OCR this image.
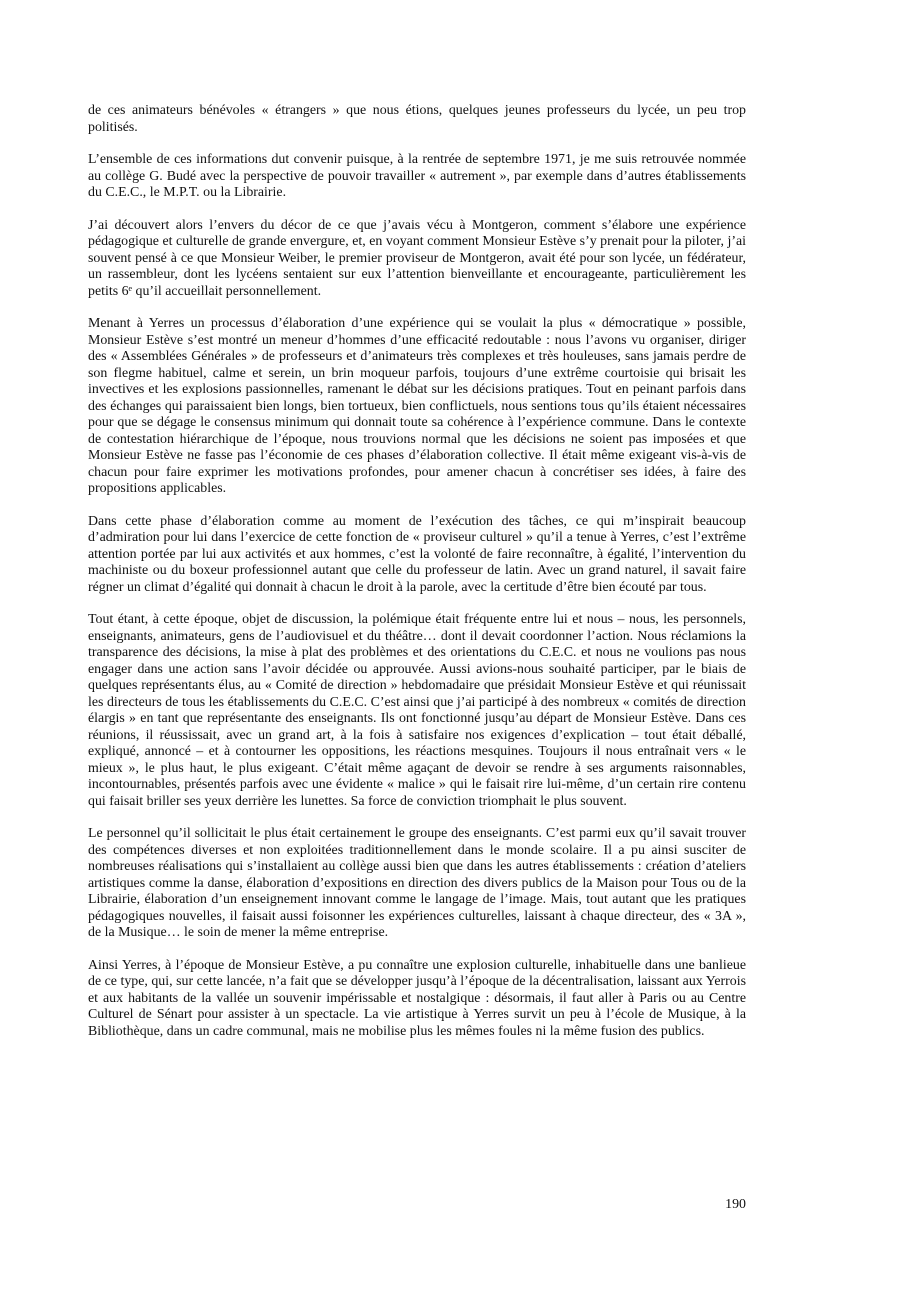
de ces animateurs bénévoles « étrangers » que nous étions, quelques jeunes professeurs du lycée, un peu trop politisés.

L’ensemble de ces informations dut convenir puisque, à la rentrée de septembre 1971, je me suis retrouvée nommée au collège G. Budé avec la perspective de pouvoir travailler « autrement », par exemple dans d’autres établissements du C.E.C., le M.P.T. ou la Librairie.

J’ai découvert alors l’envers du décor de ce que j’avais vécu à Montgeron, comment s’élabore une expérience pédagogique et culturelle de grande envergure, et, en voyant comment Monsieur Estève s’y prenait pour la piloter, j’ai souvent pensé à ce que Monsieur Weiber, le premier proviseur de Montgeron, avait été pour son lycée, un fédérateur, un rassembleur, dont les lycéens sentaient sur eux l’attention bienveillante et encourageante, particulièrement les petits 6ᵉ qu’il accueillait personnellement.

Menant à Yerres un processus d’élaboration d’une expérience qui se voulait la plus « démocratique » possible, Monsieur Estève s’est montré un meneur d’hommes d’une efficacité redoutable : nous l’avons vu organiser, diriger des « Assemblées Générales » de professeurs et d’animateurs très complexes et très houleuses, sans jamais perdre de son flegme habituel, calme et serein, un brin moqueur parfois, toujours d’une extrême courtoisie qui brisait les invectives et les explosions passionnelles, ramenant le débat sur les décisions pratiques. Tout en peinant parfois dans des échanges qui paraissaient bien longs, bien tortueux, bien conflictuels, nous sentions tous qu’ils étaient nécessaires pour que se dégage le consensus minimum qui donnait toute sa cohérence à l’expérience commune. Dans le contexte de contestation hiérarchique de l’époque, nous trouvions normal que les décisions ne soient pas imposées et que Monsieur Estève ne fasse pas l’économie de ces phases d’élaboration collective. Il était même exigeant vis-à-vis de chacun pour faire exprimer les motivations profondes, pour amener chacun à concrétiser ses idées, à faire des propositions applicables.

Dans cette phase d’élaboration comme au moment de l’exécution des tâches, ce qui m’inspirait beaucoup d’admiration pour lui dans l’exercice de cette fonction de « proviseur culturel » qu’il a tenue à Yerres, c’est l’extrême attention portée par lui aux activités et aux hommes, c’est la volonté de faire reconnaître, à égalité, l’intervention du machiniste ou du boxeur professionnel autant que celle du professeur de latin. Avec un grand naturel, il savait faire régner un climat d’égalité qui donnait à chacun le droit à la parole, avec la certitude d’être bien écouté par tous.

Tout étant, à cette époque, objet de discussion, la polémique était fréquente entre lui et nous – nous, les personnels, enseignants, animateurs, gens de l’audiovisuel et du théâtre… dont il devait coordonner l’action. Nous réclamions la transparence des décisions, la mise à plat des problèmes et des orientations du C.E.C. et nous ne voulions pas nous engager dans une action sans l’avoir décidée ou approuvée. Aussi avions-nous souhaité participer, par le biais de quelques représentants élus, au « Comité de direction » hebdomadaire que présidait Monsieur Estève et qui réunissait les directeurs de tous les établissements du C.E.C. C’est ainsi que j’ai participé à des nombreux « comités de direction élargis » en tant que représentante des enseignants. Ils ont fonctionné jusqu’au départ de Monsieur Estève. Dans ces réunions, il réussissait, avec un grand art, à la fois à satisfaire nos exigences d’explication – tout était déballé, expliqué, annoncé – et à contourner les oppositions, les réactions mesquines. Toujours il nous entraînait vers « le mieux », le plus haut, le plus exigeant. C’était même agaçant de devoir se rendre à ses arguments raisonnables, incontournables, présentés parfois avec une évidente « malice » qui le faisait rire lui-même, d’un certain rire contenu qui faisait briller ses yeux derrière les lunettes. Sa force de conviction triomphait le plus souvent.

Le personnel qu’il sollicitait le plus était certainement le groupe des enseignants. C’est parmi eux qu’il savait trouver des compétences diverses et non exploitées traditionnellement dans le monde scolaire. Il a pu ainsi susciter de nombreuses réalisations qui s’installaient au collège aussi bien que dans les autres établissements : création d’ateliers artistiques comme la danse, élaboration d’expositions en direction des divers publics de la Maison pour Tous ou de la Librairie, élaboration d’un enseignement innovant comme le langage de l’image. Mais, tout autant que les pratiques pédagogiques nouvelles, il faisait aussi foisonner les expériences culturelles, laissant à chaque directeur, des « 3A », de la Musique… le soin de mener la même entreprise.

Ainsi Yerres, à l’époque de Monsieur Estève, a pu connaître une explosion culturelle, inhabituelle dans une banlieue de ce type, qui, sur cette lancée, n’a fait que se développer jusqu’à l’époque de la décentralisation, laissant aux Yerrois et aux habitants de la vallée un souvenir impérissable et nostalgique : désormais, il faut aller à Paris ou au Centre Culturel de Sénart pour assister à un spectacle. La vie artistique à Yerres survit un peu à l’école de Musique, à la Bibliothèque, dans un cadre communal, mais ne mobilise plus les mêmes foules ni la même fusion des publics.

190
